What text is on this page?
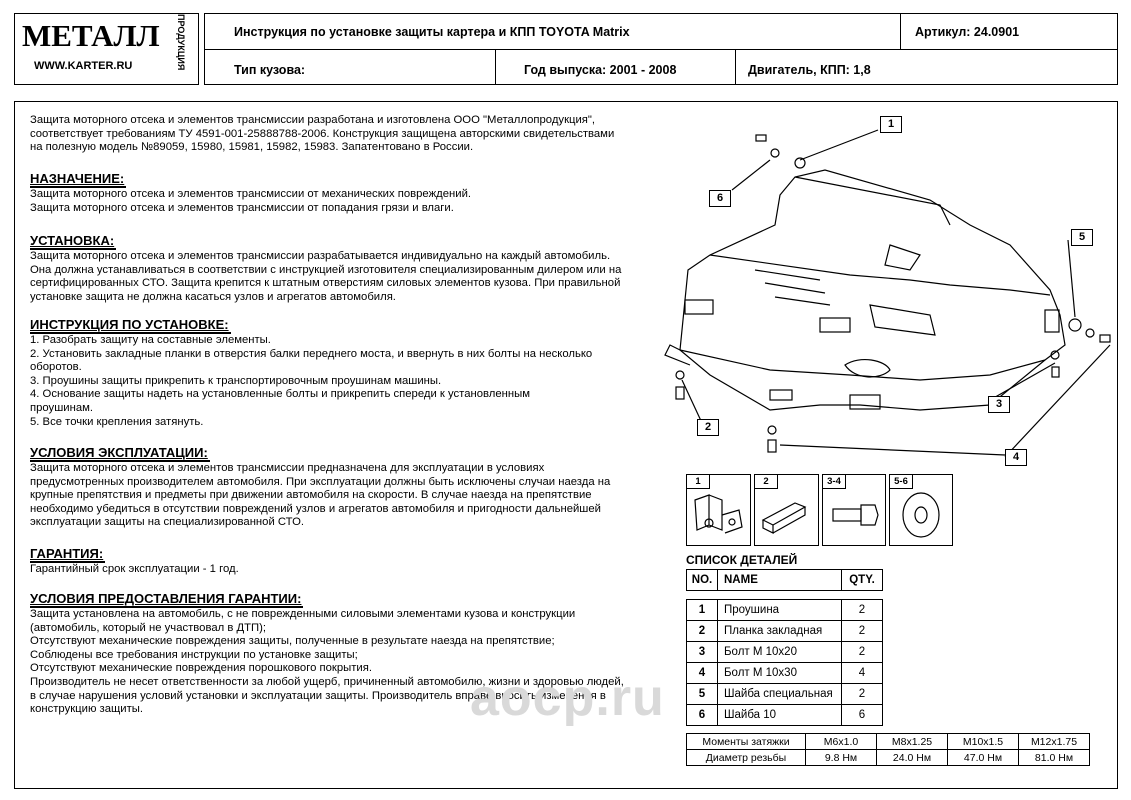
МЕТАЛЛ
WWW.KARTER.RU	ПРОДУКЦИЯ	Инструкция по установке защиты картера и КПП TOYOTA Matrix	Артикул: 24.0901
Тип кузова:	Год выпуска: 2001 - 2008	Двигатель, КПП: 1,8
Защита моторного отсека и элементов трансмиссии разработана и изготовлена ООО "Металлопродукция",
соответствует требованиям ТУ 4591-001-25888788-2006. Конструкция защищена авторскими свидетельствами
на полезную модель №89059, 15980, 15981, 15982, 15983. Запатентовано в России.
НАЗНАЧЕНИЕ:
Защита моторного отсека и элементов трансмиссии от механических повреждений.
Защита моторного отсека и элементов трансмиссии от попадания грязи и влаги.
УСТАНОВКА:
Защита моторного отсека и элементов трансмиссии разрабатывается индивидуально на каждый автомобиль.
Она должна устанавливаться в соответствии с инструкцией изготовителя специализированным дилером или на
сертифицированных СТО. Защита крепится к штатным отверстиям силовых элементов кузова. При правильной
установке защита не должна касаться узлов и агрегатов автомобиля.
ИНСТРУКЦИЯ ПО УСТАНОВКЕ:
1. Разобрать защиту на составные элементы.
2. Установить закладные планки в отверстия балки переднего моста, и ввернуть в них болты на несколько
оборотов.
3. Проушины защиты прикрепить к транспортировочным проушинам машины.
4. Основание защиты надеть на установленные болты и прикрепить спереди к установленным
проушинам.
5. Все точки крепления затянуть.
УСЛОВИЯ ЭКСПЛУАТАЦИИ:
Защита моторного отсека и элементов трансмиссии предназначена для эксплуатации в условиях
предусмотренных производителем автомобиля. При эксплуатации должны быть исключены случаи наезда на
крупные препятствия и предметы при движении автомобиля на скорости. В случае наезда на препятствие
необходимо убедиться в отсутствии повреждений узлов и агрегатов автомобиля и пригодности дальнейшей
эксплуатации защиты на специализированной СТО.
ГАРАНТИЯ:
Гарантийный срок эксплуатации - 1 год.
УСЛОВИЯ ПРЕДОСТАВЛЕНИЯ ГАРАНТИИ:
Защита установлена на автомобиль, с не поврежденными силовыми элементами кузова и конструкции
(автомобиль, который не участвовал в ДТП);
Отсутствуют механические повреждения защиты, полученные в результате наезда на препятствие;
Соблюдены все требования инструкции по установке защиты;
Отсутствуют механические повреждения порошкового покрытия.
Производитель не несет ответственности за любой ущерб, причиненный автомобилю, жизни и здоровью людей,
в случае нарушения условий установки и эксплуатации защиты. Производитель вправе вносить изменения в
конструкцию защиты.
1
2
3
4
5
6
1	2	3-4	5-6
СПИСОК ДЕТАЛЕЙ
NO.	NAME	QTY.

1	Проушина	2
2	Планка закладная	2
3	Болт М 10х20	2
4	Болт М 10х30	4
5	Шайба специальная	2
6	Шайба 10	6
aocp.ru
Моменты затяжки	M6x1.0	M8x1.25	M10x1.5	M12x1.75
Диаметр резьбы	9.8 Нм	24.0 Нм	47.0 Нм	81.0 Нм
